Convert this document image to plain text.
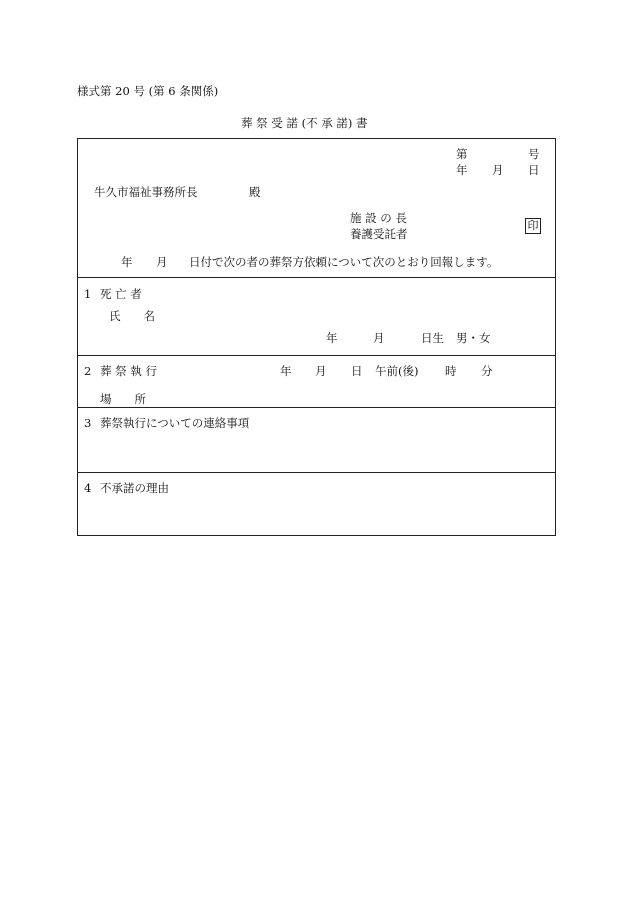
様式第 20 号 (第 6 条関係)
葬 祭 受 諾 (不 承 諾) 書
第	号
年 月 日
牛久市福祉事務所長	殿
施 設 の 長
養護受託者
印
年 月 日付で次の者の葬祭方依頼について次のとおり回報します。
1 死 亡 者
氏　　名
年	月	日生 男・女
2 葬 祭 執 行	年 月 日 午前(後) 時 分
場　　所
3 葬祭執行についての連絡事項
4 不承諾の理由
